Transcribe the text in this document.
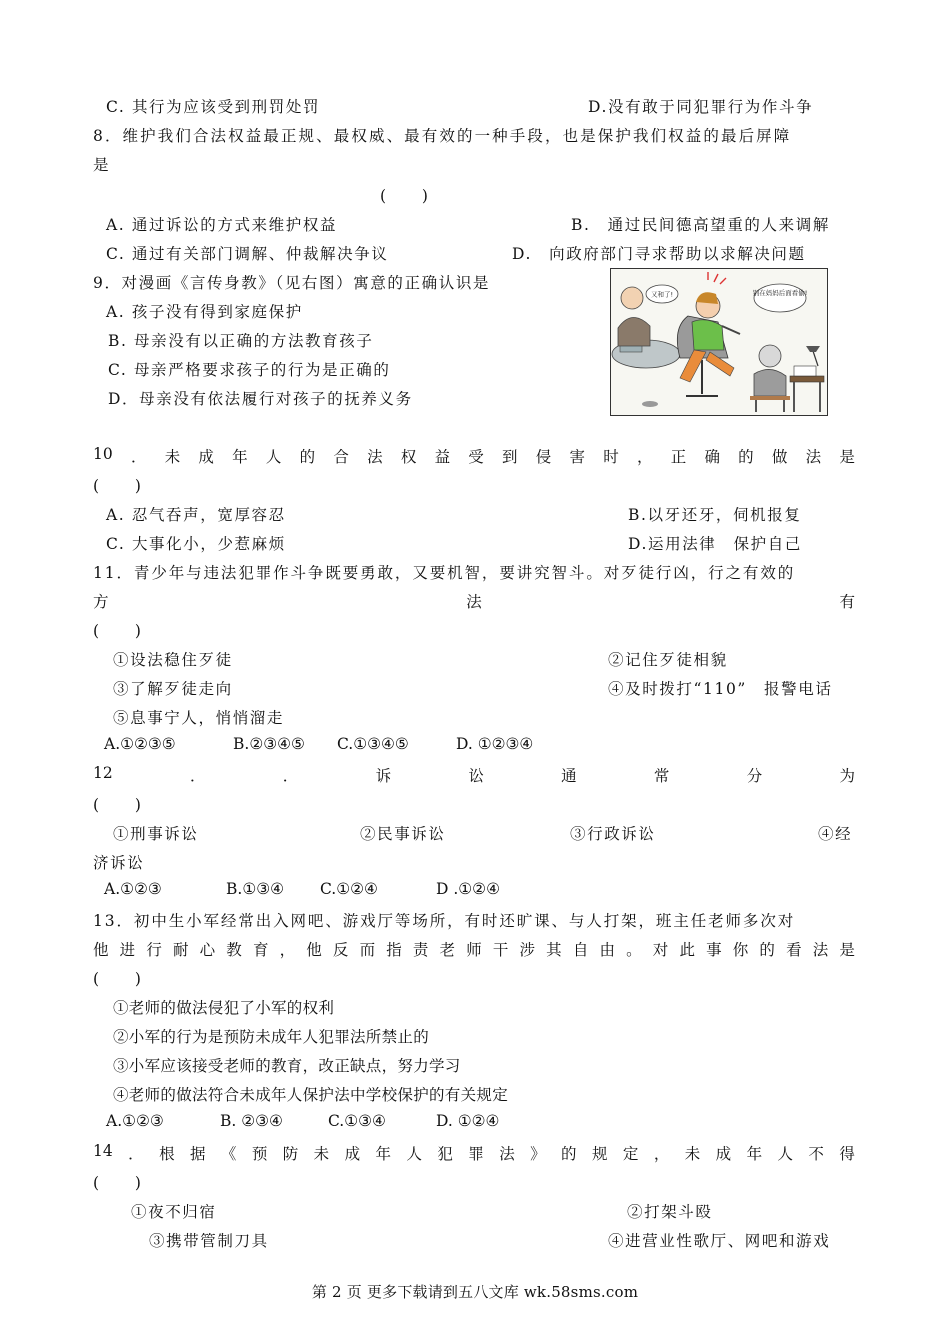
C. 其行为应该受到刑罚处罚	D.没有敢于同犯罪行为作斗争
8．维护我们合法权益最正规、最权威、最有效的一种手段，也是保护我们权益的最后屏障
是
(　　)
A. 通过诉讼的方式来维护权益	B.　通过民间德高望重的人来调解
C. 通过有关部门调解、仲裁解决争议	D.　向政府部门寻求帮助以求解决问题
9．对漫画《言传身教》（见右图）寓意的正确认识是
A. 孩子没有得到家庭保护
B. 母亲没有以正确的方法教育孩子
C. 母亲严格要求孩子的行为是正确的
D．母亲没有依法履行对孩子的抚养义务
又和了!	别在妈妈后面看偷!
10 ． 未 成 年 人 的 合 法 权 益 受 到 侵 害 时 ， 正 确 的 做 法 是
(　　)
A. 忍气吞声，宽厚容忍	B.以牙还牙，伺机报复
C. 大事化小，少惹麻烦	D.运用法律　保护自己
11．青少年与违法犯罪作斗争既要勇敢，又要机智，要讲究智斗。对歹徒行凶，行之有效的
方	法	有
(　　)
①设法稳住歹徒	②记住歹徒相貌
③了解歹徒走向	④及时拨打“110”　报警电话
⑤息事宁人，悄悄溜走
A.①②③⑤	B.②③④⑤ C.①③④⑤	D. ①②③④
12	．	．	诉	讼	通	常	分	为
(　　)
①刑事诉讼	②民事诉讼	③行政诉讼	④经
济诉讼
A.①②③	B.①③④ C.①②④	D .①②④
13．初中生小军经常出入网吧、游戏厅等场所，有时还旷课、与人打架，班主任老师多次对
他 进 行 耐 心 教 育 ， 他 反 而 指 责 老 师 干 涉 其 自 由 。 对 此 事 你 的 看 法 是
(　　)
①老师的做法侵犯了小军的权利
②小军的行为是预防未成年人犯罪法所禁止的
③小军应该接受老师的教育，改正缺点，努力学习
④老师的做法符合未成年人保护法中学校保护的有关规定
A.①②③	B. ②③④	C.①③④	D. ①②④
14 ． 根 据 《 预 防 未 成 年 人 犯 罪 法 》 的 规 定 ， 未 成 年 人 不 得
(　　)
①夜不归宿	②打架斗殴
③携带管制刀具	④进营业性歌厅、网吧和游戏
第 2 页 更多下载请到五八文库 wk.58sms.com
